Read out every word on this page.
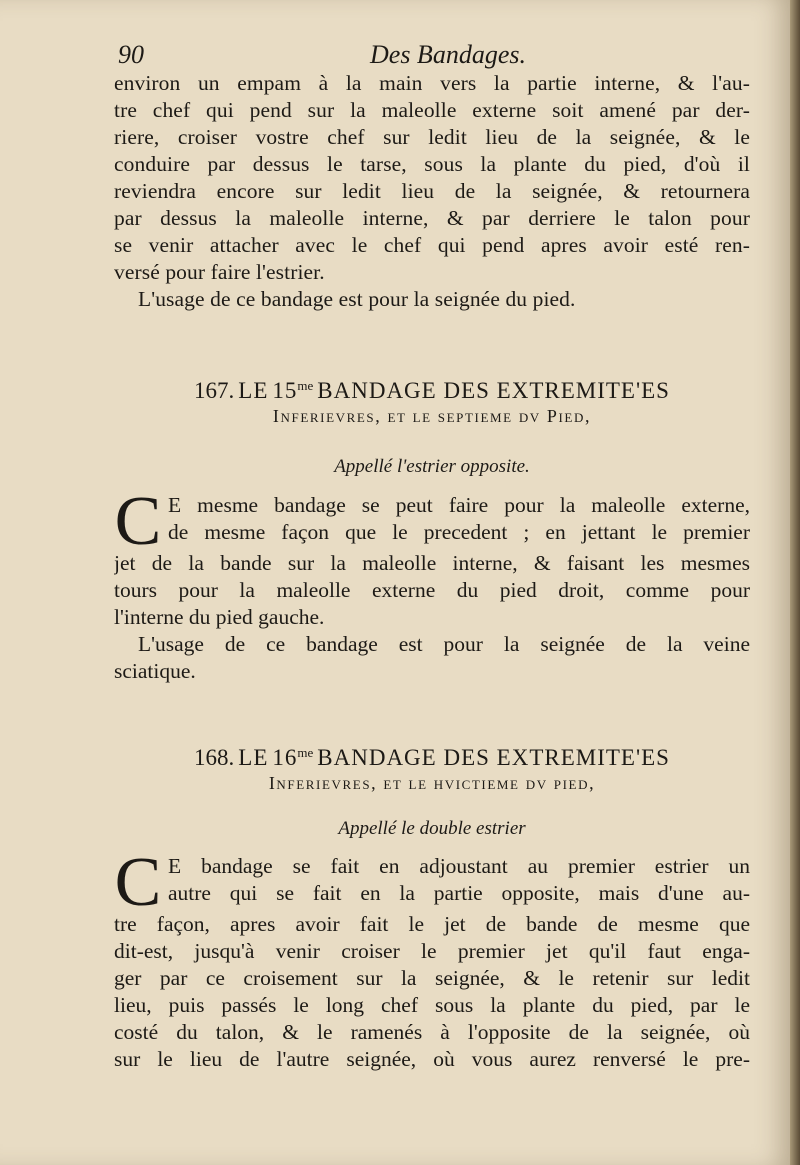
90	Des Bandages.
environ un empam à la main vers la partie interne, & l'au-
tre chef qui pend sur la maleolle externe soit amené par der-
riere, croiser vostre chef sur ledit lieu de la seignée, & le
conduire par dessus le tarse, sous la plante du pied, d'où il
reviendra encore sur ledit lieu de la seignée, & retournera
par dessus la maleolle interne, & par derriere le talon pour
se venir attacher avec le chef qui pend apres avoir esté ren-
versé pour faire l'estrier.
L'usage de ce bandage est pour la seignée du pied.
167. LE $15^{me}$ BANDAGE DES EXTREMITE'ES
Inferievres, et le septieme dv Pied,
Appellé l'estrier opposite.
C E mesme bandage se peut faire pour la maleolle externe,
de mesme façon que le precedent ; en jettant le premier
jet de la bande sur la maleolle interne, & faisant les mesmes
tours pour la maleolle externe du pied droit, comme pour
l'interne du pied gauche.
L'usage de ce bandage est pour la seignée de la veine
sciatique.
168. LE $16^{me}$ BANDAGE DES EXTREMITE'ES
Inferievres, et le hvictieme dv pied,
Appellé le double estrier
C E bandage se fait en adjoustant au premier estrier un
autre qui se fait en la partie opposite, mais d'une au-
tre façon, apres avoir fait le jet de bande de mesme que
dit-est, jusqu'à venir croiser le premier jet qu'il faut enga-
ger par ce croisement sur la seignée, & le retenir sur ledit
lieu, puis passés le long chef sous la plante du pied, par le
costé du talon, & le ramenés à l'opposite de la seignée, où
sur le lieu de l'autre seignée, où vous aurez renversé le pre-
